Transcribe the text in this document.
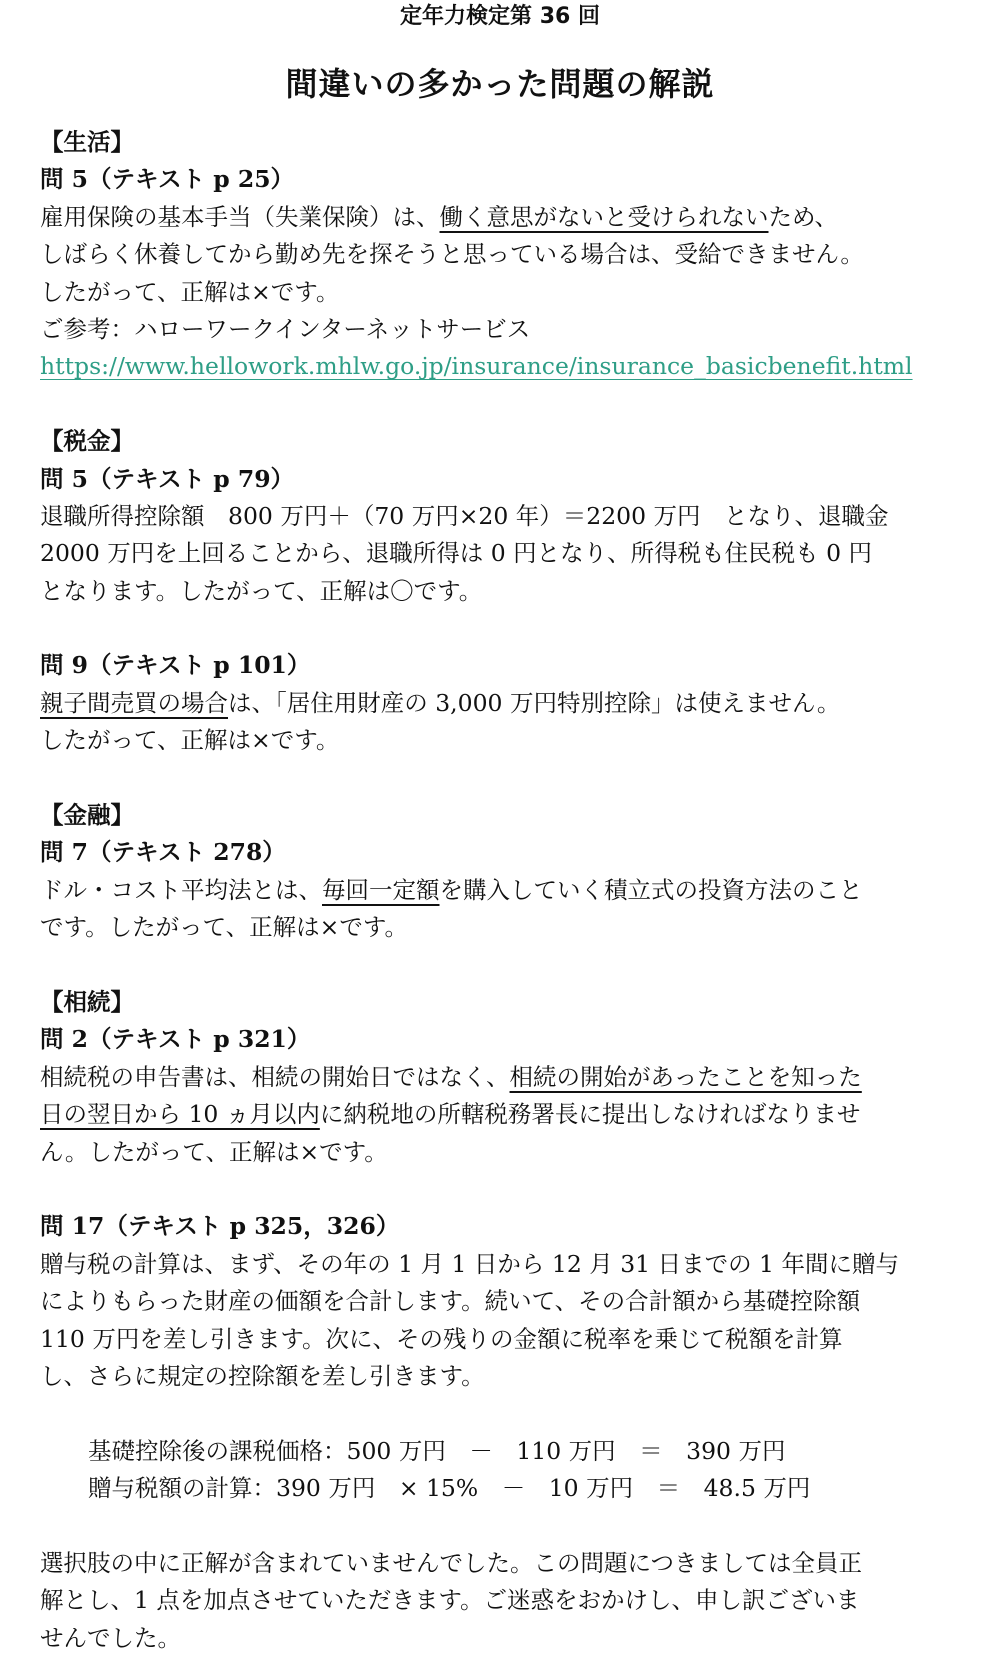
定年力検定第 36 回
間違いの多かった問題の解説
【生活】
問 5（テキスト p 25）
雇用保険の基本手当（失業保険）は、働く意思がないと受けられないため、
しばらく休養してから勤め先を探そうと思っている場合は、受給できません。
したがって、正解は×です。
ご参考：ハローワークインターネットサービス
https://www.hellowork.mhlw.go.jp/insurance/insurance_basicbenefit.html
【税金】
問 5（テキスト p 79）
退職所得控除額　800 万円＋（70 万円×20 年）＝2200 万円　となり、退職金
2000 万円を上回ることから、退職所得は 0 円となり、所得税も住民税も 0 円
となります。したがって、正解は〇です。
問 9（テキスト p 101）
親子間売買の場合は、「居住用財産の 3,000 万円特別控除」は使えません。
したがって、正解は×です。
【金融】
問 7（テキスト 278）
ドル・コスト平均法とは、毎回一定額を購入していく積立式の投資方法のこと
です。したがって、正解は×です。
【相続】
問 2（テキスト p 321）
相続税の申告書は、相続の開始日ではなく、相続の開始があったことを知った
日の翌日から 10 ヵ月以内に納税地の所轄税務署長に提出しなければなりませ
ん。したがって、正解は×です。
問 17（テキスト p 325，326）
贈与税の計算は、まず、その年の 1 月 1 日から 12 月 31 日までの 1 年間に贈与
によりもらった財産の価額を合計します。続いて、その合計額から基礎控除額
110 万円を差し引きます。次に、その残りの金額に税率を乗じて税額を計算
し、さらに規定の控除額を差し引きます。
基礎控除後の課税価格：500 万円　－　110 万円　＝　390 万円
贈与税額の計算：390 万円　× 15%　－　10 万円　＝　48.5 万円
選択肢の中に正解が含まれていませんでした。この問題につきましては全員正
解とし、1 点を加点させていただきます。ご迷惑をおかけし、申し訳ございま
せんでした。
